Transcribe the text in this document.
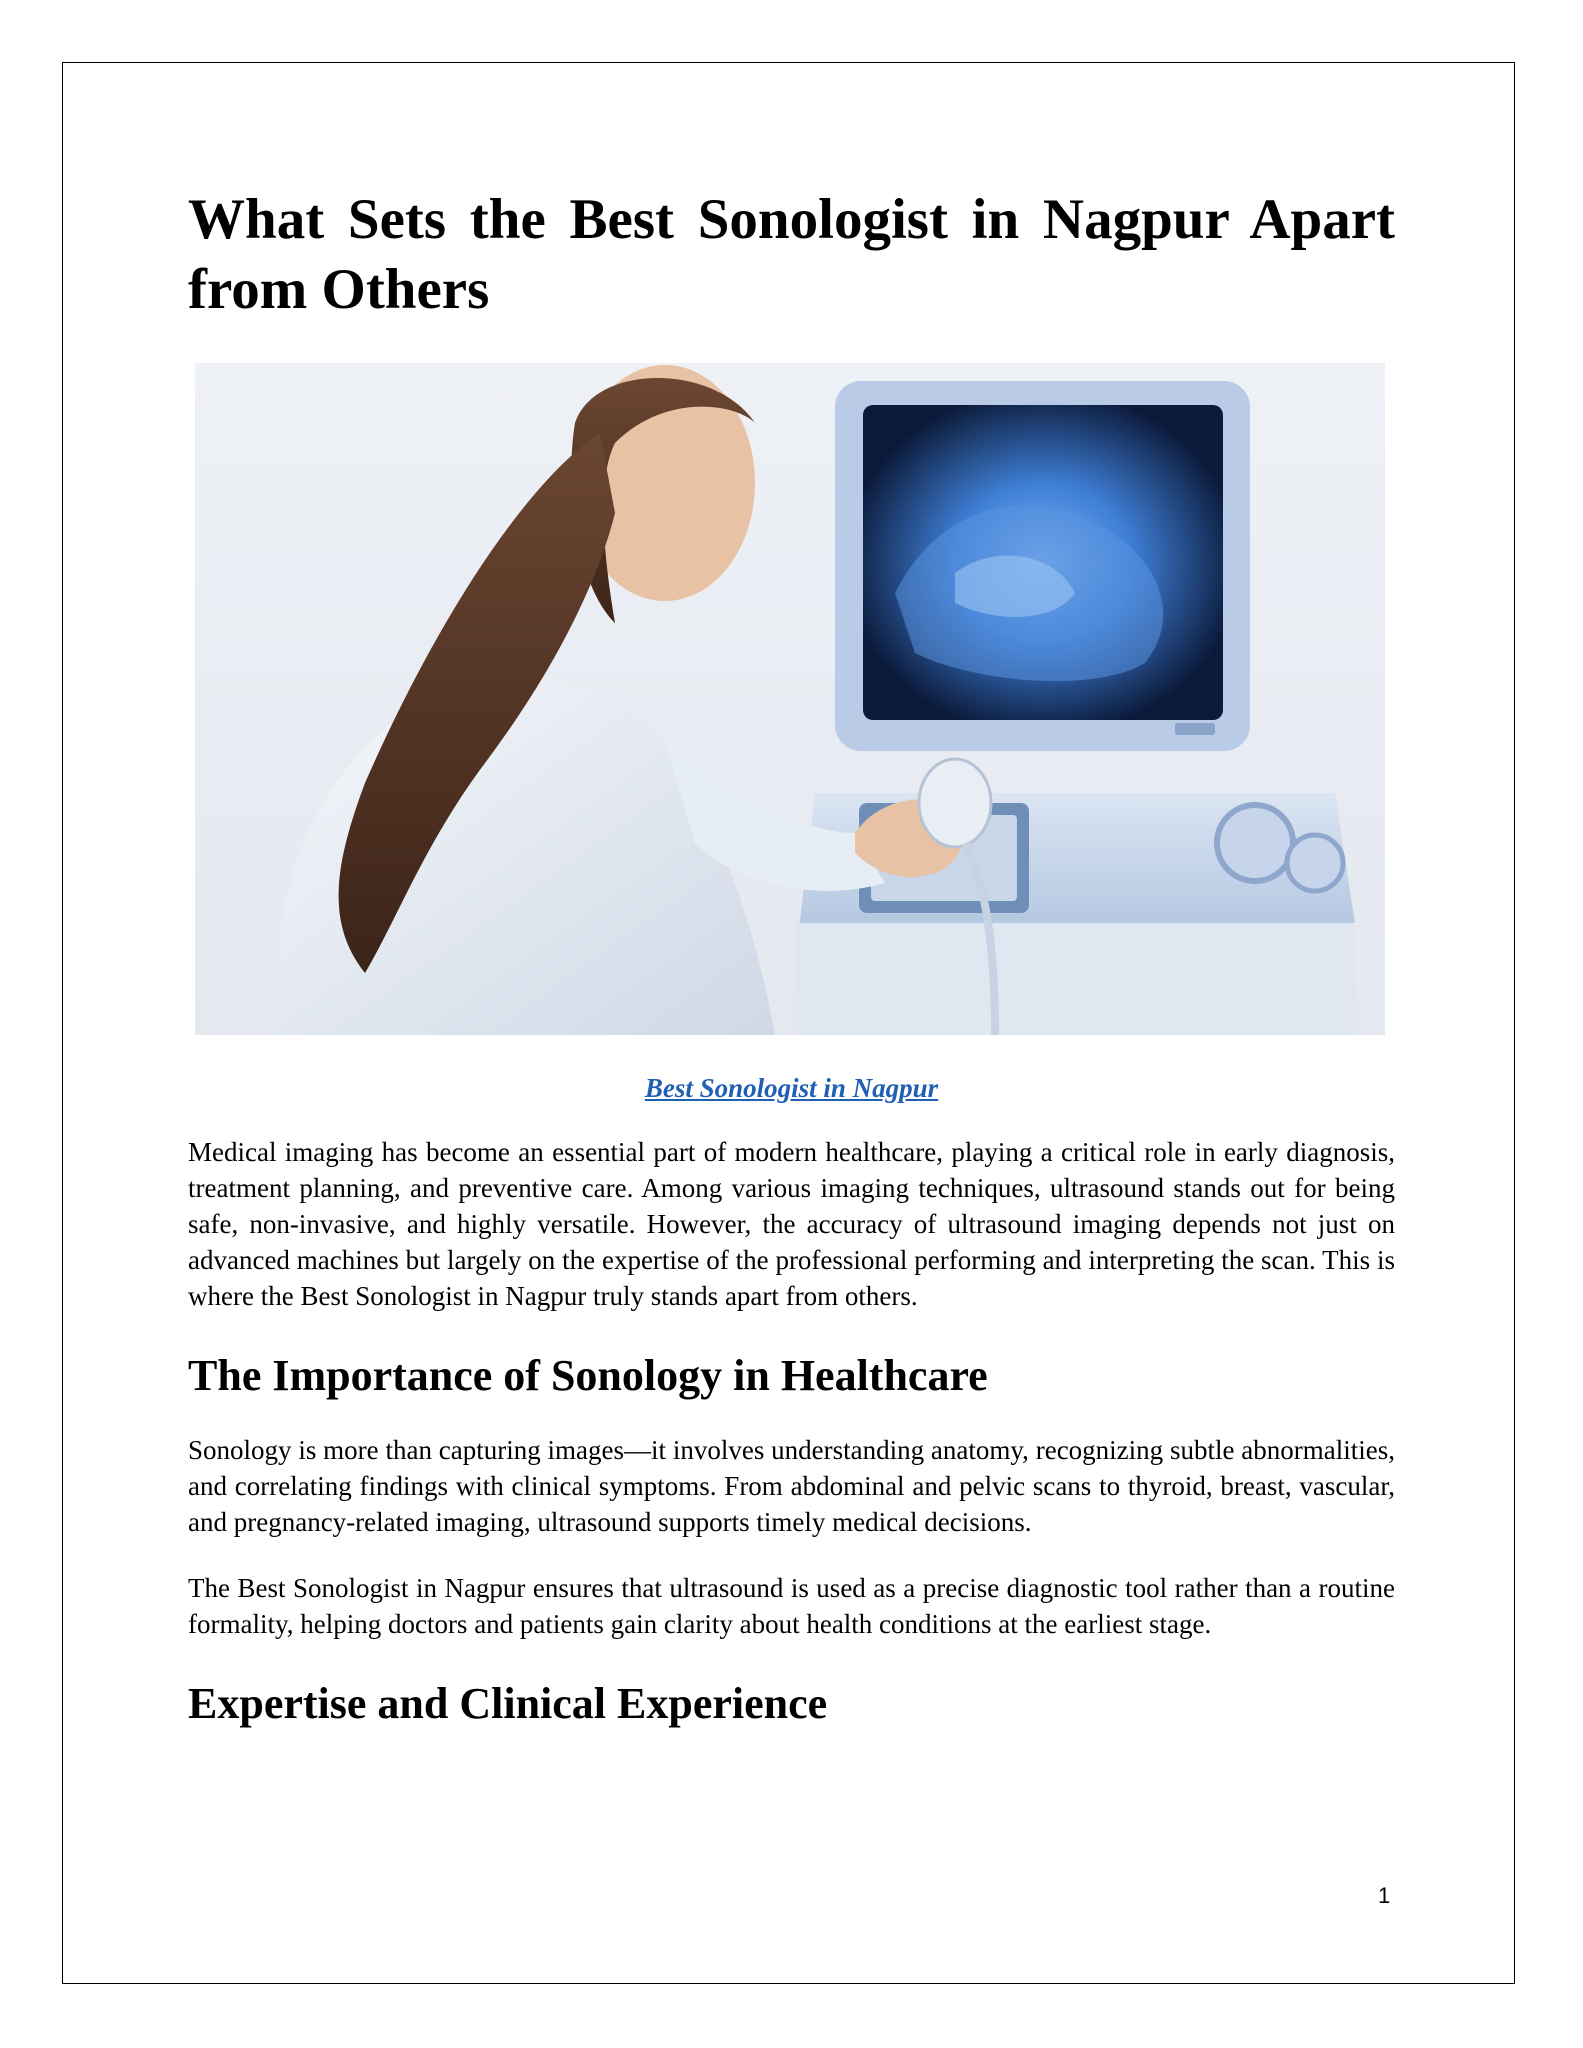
What Sets the Best Sonologist in Nagpur Apart from Others
Best Sonologist in Nagpur

Medical imaging has become an essential part of modern healthcare, playing a critical role in early diagnosis, treatment planning, and preventive care. Among various imaging techniques, ultrasound stands out for being safe, non-invasive, and highly versatile. However, the accuracy of ultrasound imaging depends not just on advanced machines but largely on the expertise of the professional performing and interpreting the scan. This is where the Best Sonologist in Nagpur truly stands apart from others.

The Importance of Sonology in Healthcare

Sonology is more than capturing images—it involves understanding anatomy, recognizing subtle abnormalities, and correlating findings with clinical symptoms. From abdominal and pelvic scans to thyroid, breast, vascular, and pregnancy-related imaging, ultrasound supports timely medical decisions.

The Best Sonologist in Nagpur ensures that ultrasound is used as a precise diagnostic tool rather than a routine formality, helping doctors and patients gain clarity about health conditions at the earliest stage.

Expertise and Clinical Experience
1
